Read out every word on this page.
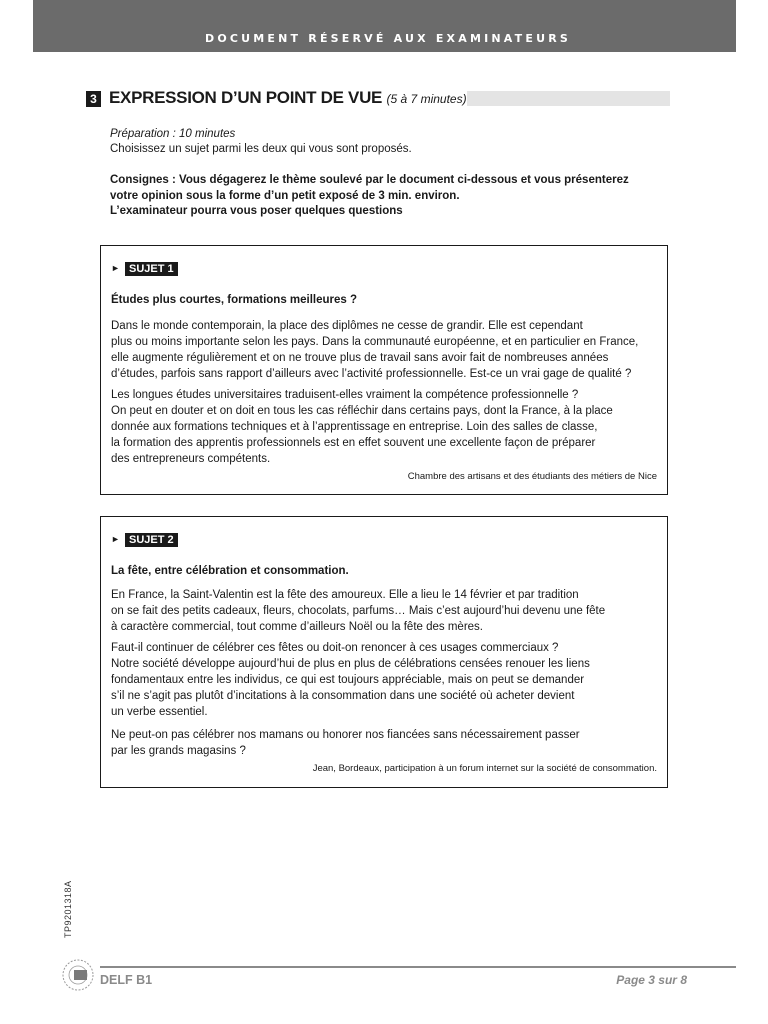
DOCUMENT RÉSERVÉ AUX EXAMINATEURS
3 EXPRESSION D’UN POINT DE VUE (5 à 7 minutes)
Préparation : 10 minutes
Choisissez un sujet parmi les deux qui vous sont proposés.
Consignes : Vous dégagerez le thème soulevé par le document ci-dessous et vous présenterez
votre opinion sous la forme d’un petit exposé de 3 min. environ.
L’examinateur pourra vous poser quelques questions
► SUJET 1
Études plus courtes, formations meilleures ?
Dans le monde contemporain, la place des diplômes ne cesse de grandir. Elle est cependant
plus ou moins importante selon les pays. Dans la communauté européenne, et en particulier en France,
elle augmente régulièrement et on ne trouve plus de travail sans avoir fait de nombreuses années
d’études, parfois sans rapport d’ailleurs avec l’activité professionnelle. Est-ce un vrai gage de qualité ?
Les longues études universitaires traduisent-elles vraiment la compétence professionnelle ?
On peut en douter et on doit en tous les cas réfléchir dans certains pays, dont la France, à la place
donnée aux formations techniques et à l’apprentissage en entreprise. Loin des salles de classe,
la formation des apprentis professionnels est en effet souvent une excellente façon de préparer
des entrepreneurs compétents.
Chambre des artisans et des étudiants des métiers de Nice
► SUJET 2
La fête, entre célébration et consommation.
En France, la Saint-Valentin est la fête des amoureux. Elle a lieu le 14 février et par tradition
on se fait des petits cadeaux, fleurs, chocolats, parfums… Mais c’est aujourd’hui devenu une fête
à caractère commercial, tout comme d’ailleurs Noël ou la fête des mères.
Faut-il continuer de célébrer ces fêtes ou doit-on renoncer à ces usages commerciaux ?
Notre société développe aujourd’hui de plus en plus de célébrations censées renouer les liens
fondamentaux entre les individus, ce qui est toujours appréciable, mais on peut se demander
s’il ne s’agit pas plutôt d’incitations à la consommation dans une société où acheter devient
un verbe essentiel.
Ne peut-on pas célébrer nos mamans ou honorer nos fiancées sans nécessairement passer
par les grands magasins ?
Jean, Bordeaux, participation à un forum internet sur la société de consommation.
TP9201318A
DELF B1	Page 3 sur 8
